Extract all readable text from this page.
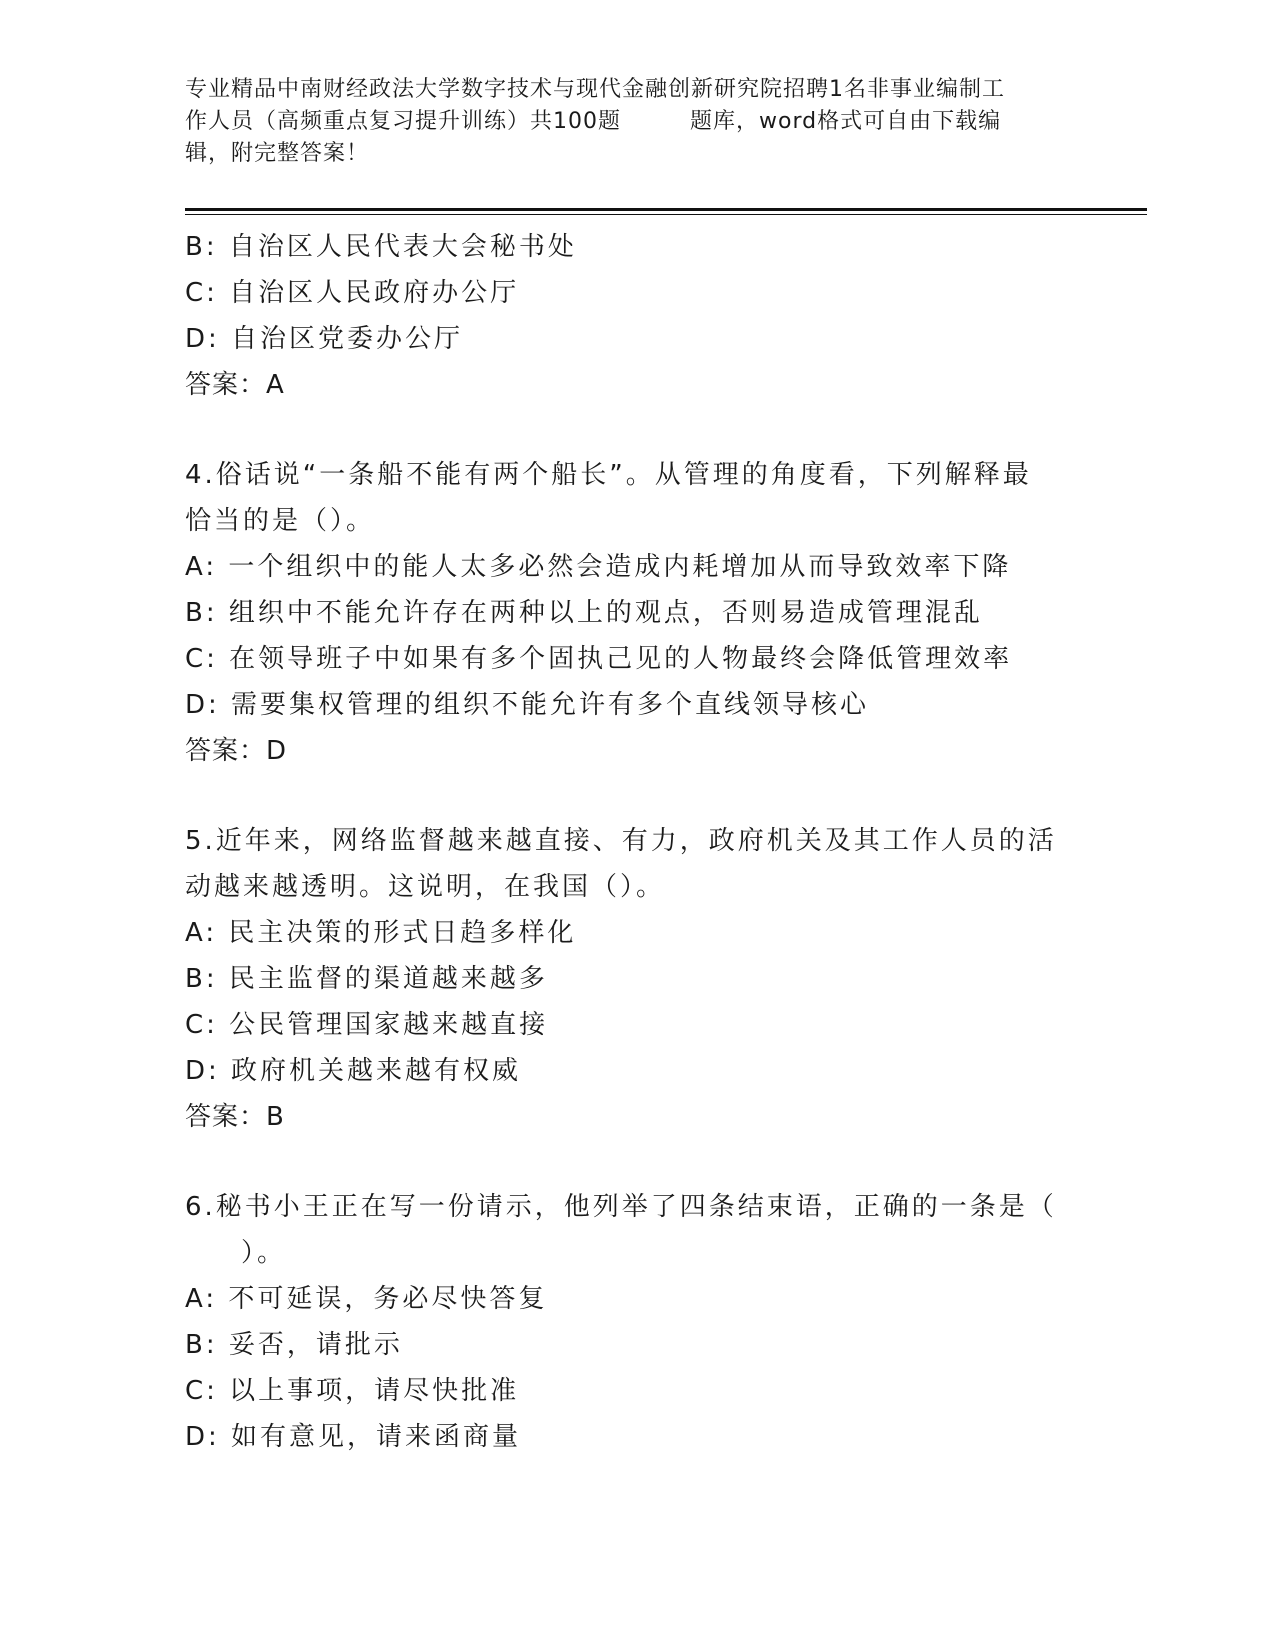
专业精品中南财经政法大学数字技术与现代金融创新研究院招聘1名非事业编制工
作人员（高频重点复习提升训练）共100题　　　题库，word格式可自由下载编
辑，附完整答案！
B: 自治区人民代表大会秘书处
C: 自治区人民政府办公厅
D: 自治区党委办公厅
答案：A
4.俗话说“一条船不能有两个船长”。从管理的角度看，下列解释最
恰当的是（）。
A: 一个组织中的能人太多必然会造成内耗增加从而导致效率下降
B: 组织中不能允许存在两种以上的观点，否则易造成管理混乱
C: 在领导班子中如果有多个固执己见的人物最终会降低管理效率
D: 需要集权管理的组织不能允许有多个直线领导核心
答案：D
5.近年来，网络监督越来越直接、有力，政府机关及其工作人员的活
动越来越透明。这说明，在我国（）。
A: 民主决策的形式日趋多样化
B: 民主监督的渠道越来越多
C: 公民管理国家越来越直接
D: 政府机关越来越有权威
答案：B
6.秘书小王正在写一份请示，他列举了四条结束语，正确的一条是（
）。
A: 不可延误，务必尽快答复
B: 妥否，请批示
C: 以上事项，请尽快批准
D: 如有意见，请来函商量
